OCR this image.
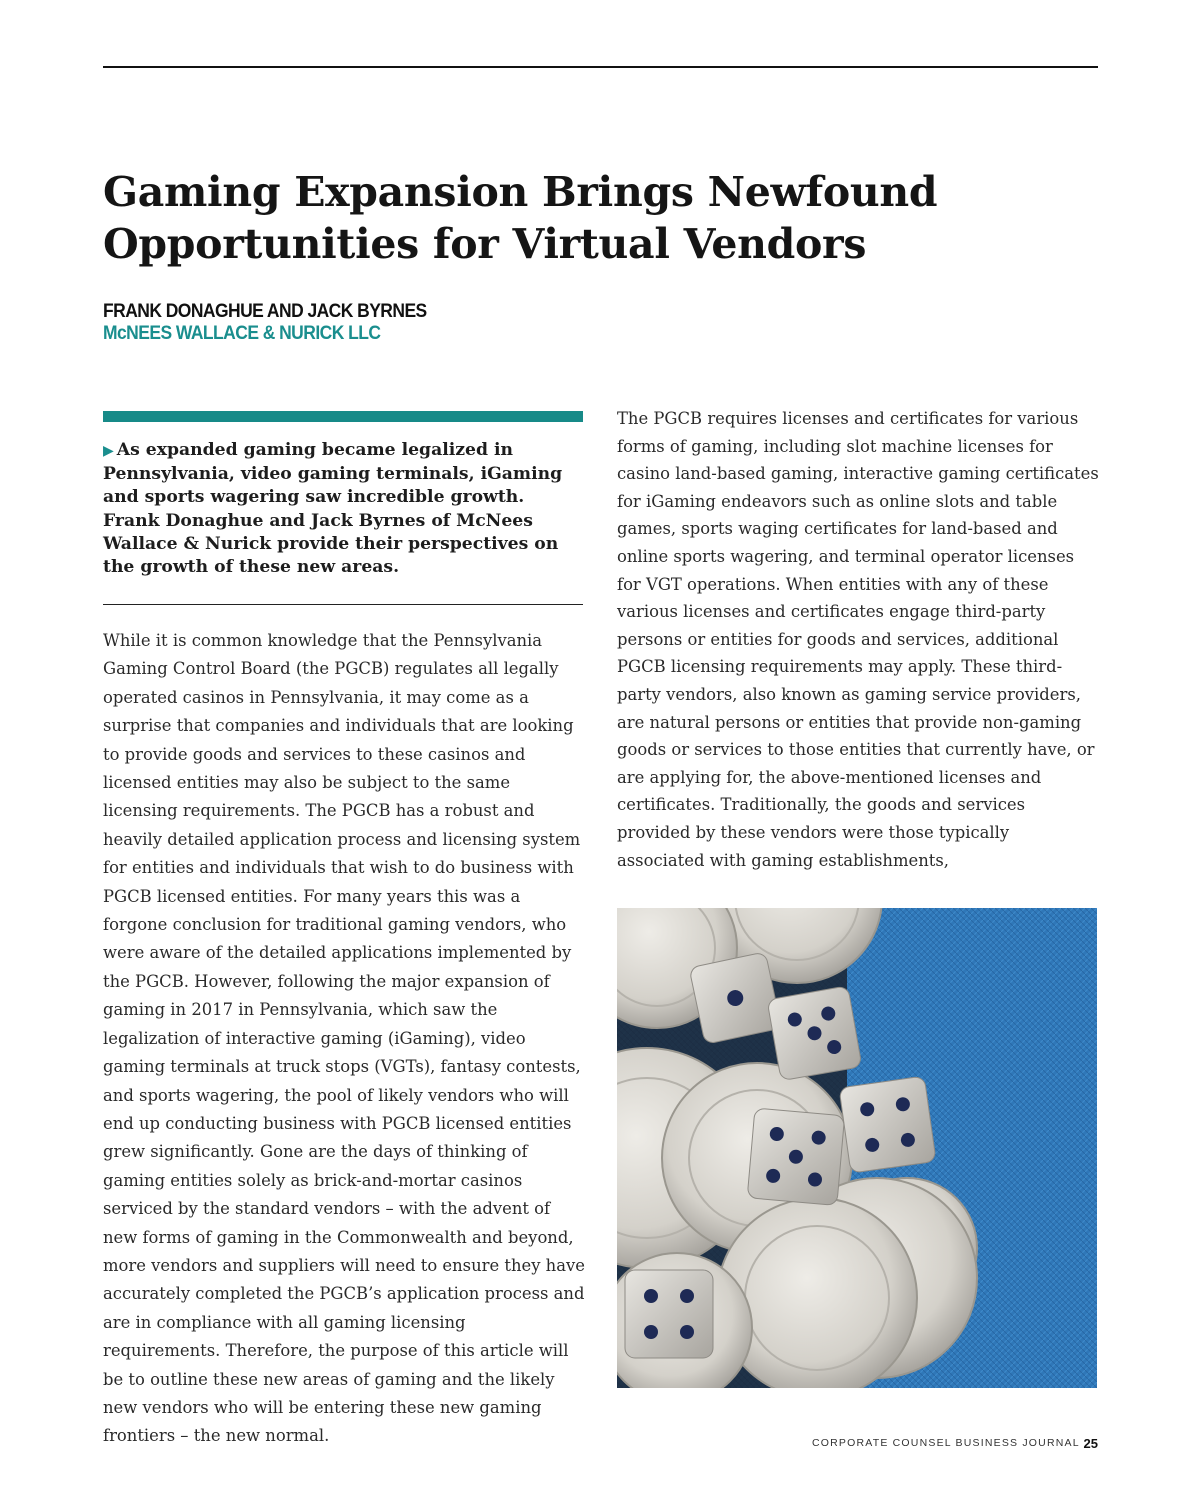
Gaming Expansion Brings Newfound Opportunities for Virtual Vendors
FRANK DONAGHUE AND JACK BYRNES
McNEES WALLACE & NURICK LLC
▶ As expanded gaming became legalized in Pennsylvania, video gaming terminals, iGaming and sports wagering saw incredible growth. Frank Donaghue and Jack Byrnes of McNees Wallace & Nurick provide their perspectives on the growth of these new areas.

While it is common knowledge that the Pennsylvania Gaming Control Board (the PGCB) regulates all legally operated casinos in Pennsylvania, it may come as a surprise that companies and individuals that are looking to provide goods and services to these casinos and licensed entities may also be subject to the same licensing requirements. The PGCB has a robust and heavily detailed application process and licensing system for entities and individuals that wish to do business with PGCB licensed entities. For many years this was a forgone conclusion for traditional gaming vendors, who were aware of the detailed applications implemented by the PGCB. However, following the major expansion of gaming in 2017 in Pennsylvania, which saw the legalization of interactive gaming (iGaming), video gaming terminals at truck stops (VGTs), fantasy contests, and sports wagering, the pool of likely vendors who will end up conducting business with PGCB licensed entities grew significantly. Gone are the days of thinking of gaming entities solely as brick-and-mortar casinos serviced by the standard vendors – with the advent of new forms of gaming in the Commonwealth and beyond, more vendors and suppliers will need to ensure they have accurately completed the PGCB’s application process and are in compliance with all gaming licensing requirements. Therefore, the purpose of this article will be to outline these new areas of gaming and the likely new vendors who will be entering these new gaming frontiers – the new normal.

The PGCB requires licenses and certificates for various forms of gaming, including slot machine licenses for casino land-based gaming, interactive gaming certificates for iGaming endeavors such as online slots and table games, sports waging certificates for land-based and online sports wagering, and terminal operator licenses for VGT operations. When entities with any of these various licenses and certificates engage third-party persons or entities for goods and services, additional PGCB licensing requirements may apply. These third-party vendors, also known as gaming service providers, are natural persons or entities that provide non-gaming goods or services to those entities that currently have, or are applying for, the above-mentioned licenses and certificates. Traditionally, the goods and services provided by these vendors were those typically associated with gaming establishments,

CORPORATE COUNSEL BUSINESS JOURNAL 25
